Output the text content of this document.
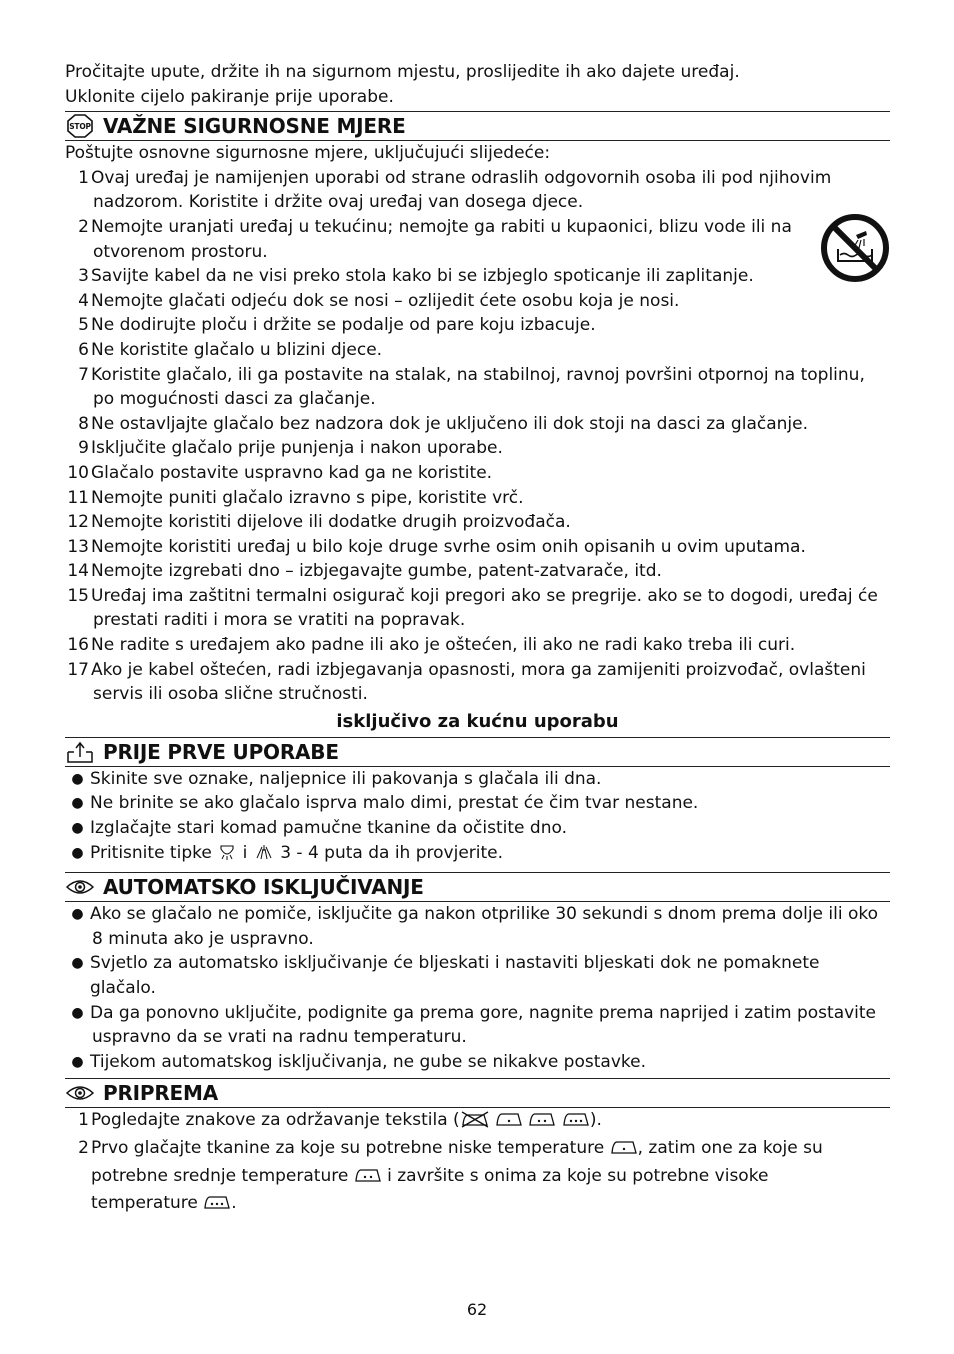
Pročitajte upute, držite ih na sigurnom mjestu, proslijedite ih ako dajete uređaj.
Uklonite cijelo pakiranje prije uporabe.
STOP VAŽNE SIGURNOSNE MJERE
Poštujte osnovne sigurnosne mjere, uključujući slijedeće:
1 Ovaj uređaj je namijenjen uporabi od strane odraslih odgovornih osoba ili pod njihovim
nadzorom. Koristite i držite ovaj uređaj van dosega djece.
2 Nemojte uranjati uređaj u tekućinu; nemojte ga rabiti u kupaonici, blizu vode ili na
otvorenom prostoru.
3 Savijte kabel da ne visi preko stola kako bi se izbjeglo spoticanje ili zaplitanje.
4 Nemojte glačati odjeću dok se nosi – ozlijedit ćete osobu koja je nosi.
5 Ne dodirujte ploču i držite se podalje od pare koju izbacuje.
6 Ne koristite glačalo u blizini djece.
7 Koristite glačalo, ili ga postavite na stalak, na stabilnoj, ravnoj površini otpornoj na toplinu,
po mogućnosti dasci za glačanje.
8 Ne ostavljajte glačalo bez nadzora dok je uključeno ili dok stoji na dasci za glačanje.
9 Isključite glačalo prije punjenja i nakon uporabe.
10 Glačalo postavite uspravno kad ga ne koristite.
11 Nemojte puniti glačalo izravno s pipe, koristite vrč.
12 Nemojte koristiti dijelove ili dodatke drugih proizvođača.
13 Nemojte koristiti uređaj u bilo koje druge svrhe osim onih opisanih u ovim uputama.
14 Nemojte izgrebati dno – izbjegavajte gumbe, patent-zatvarače, itd.
15 Uređaj ima zaštitni termalni osigurač koji pregori ako se pregrije. ako se to dogodi, uređaj će
prestati raditi i mora se vratiti na popravak.
16 Ne radite s uređajem ako padne ili ako je oštećen, ili ako ne radi kako treba ili curi.
17 Ako je kabel oštećen, radi izbjegavanja opasnosti, mora ga zamijeniti proizvođač, ovlašteni
servis ili osoba slične stručnosti.
isključivo za kućnu uporabu
PRIJE PRVE UPORABE
● Skinite sve oznake, naljepnice ili pakovanja s glačala ili dna.
● Ne brinite se ako glačalo isprva malo dimi, prestat će čim tvar nestane.
● Izglačajte stari komad pamučne tkanine da očistite dno.
● Pritisnite tipke i 3 - 4 puta da ih provjerite.
AUTOMATSKO ISKLJUČIVANJE
● Ako se glačalo ne pomiče, isključite ga nakon otprilike 30 sekundi s dnom prema dolje ili oko
8 minuta ako je uspravno.
● Svjetlo za automatsko isključivanje će bljeskati i nastaviti bljeskati dok ne pomaknete glačalo.
● Da ga ponovno uključite, podignite ga prema gore, nagnite prema naprijed i zatim postavite
uspravno da se vrati na radnu temperaturu.
● Tijekom automatskog isključivanja, ne gube se nikakve postavke.
PRIPREMA
1 Pogledajte znakove za održavanje tekstila (	).
2 Prvo glačajte tkanine za koje su potrebne niske temperature , zatim one za koje su
potrebne srednje temperature i završite s onima za koje su potrebne visoke
temperature .
62
